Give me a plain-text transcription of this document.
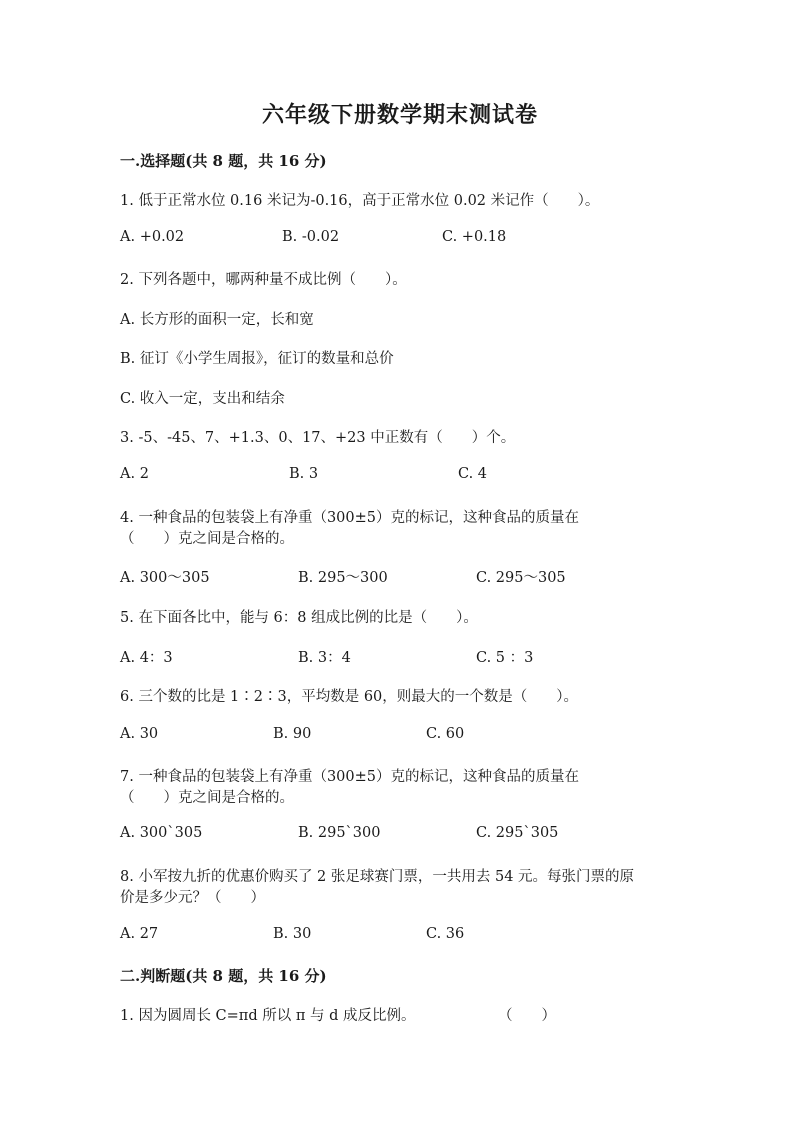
六年级下册数学期末测试卷
一.选择题(共 8 题，共 16 分)
1. 低于正常水位 0.16 米记为-0.16，高于正常水位 0.02 米记作（　　）。
A. +0.02	B. -0.02	C. +0.18
2. 下列各题中，哪两种量不成比例（　　）。
A. 长方形的面积一定，长和宽
B. 征订《小学生周报》，征订的数量和总价
C. 收入一定，支出和结余
3. -5、-45、7、+1.3、0、17、+23 中正数有（　　）个。
A. 2	B. 3	C. 4
4. 一种食品的包装袋上有净重（300±5）克的标记，这种食品的质量在
（　　）克之间是合格的。
A. 300～305	B. 295～300	C. 295～305
5. 在下面各比中，能与 6：8 组成比例的比是（　　）。
A. 4：3	B. 3：4	C. 5 ：3
6. 三个数的比是 1∶2∶3，平均数是 60，则最大的一个数是（　　）。
A. 30	B. 90	C. 60
7. 一种食品的包装袋上有净重（300±5）克的标记，这种食品的质量在
（　　）克之间是合格的。
A. 300`305	B. 295`300	C. 295`305
8. 小军按九折的优惠价购买了 2 张足球赛门票，一共用去 54 元。每张门票的原
价是多少元？（　　）
A. 27	B. 30	C. 36
二.判断题(共 8 题，共 16 分)
1. 因为圆周长 C=πd 所以 π 与 d 成反比例。	（　　）
